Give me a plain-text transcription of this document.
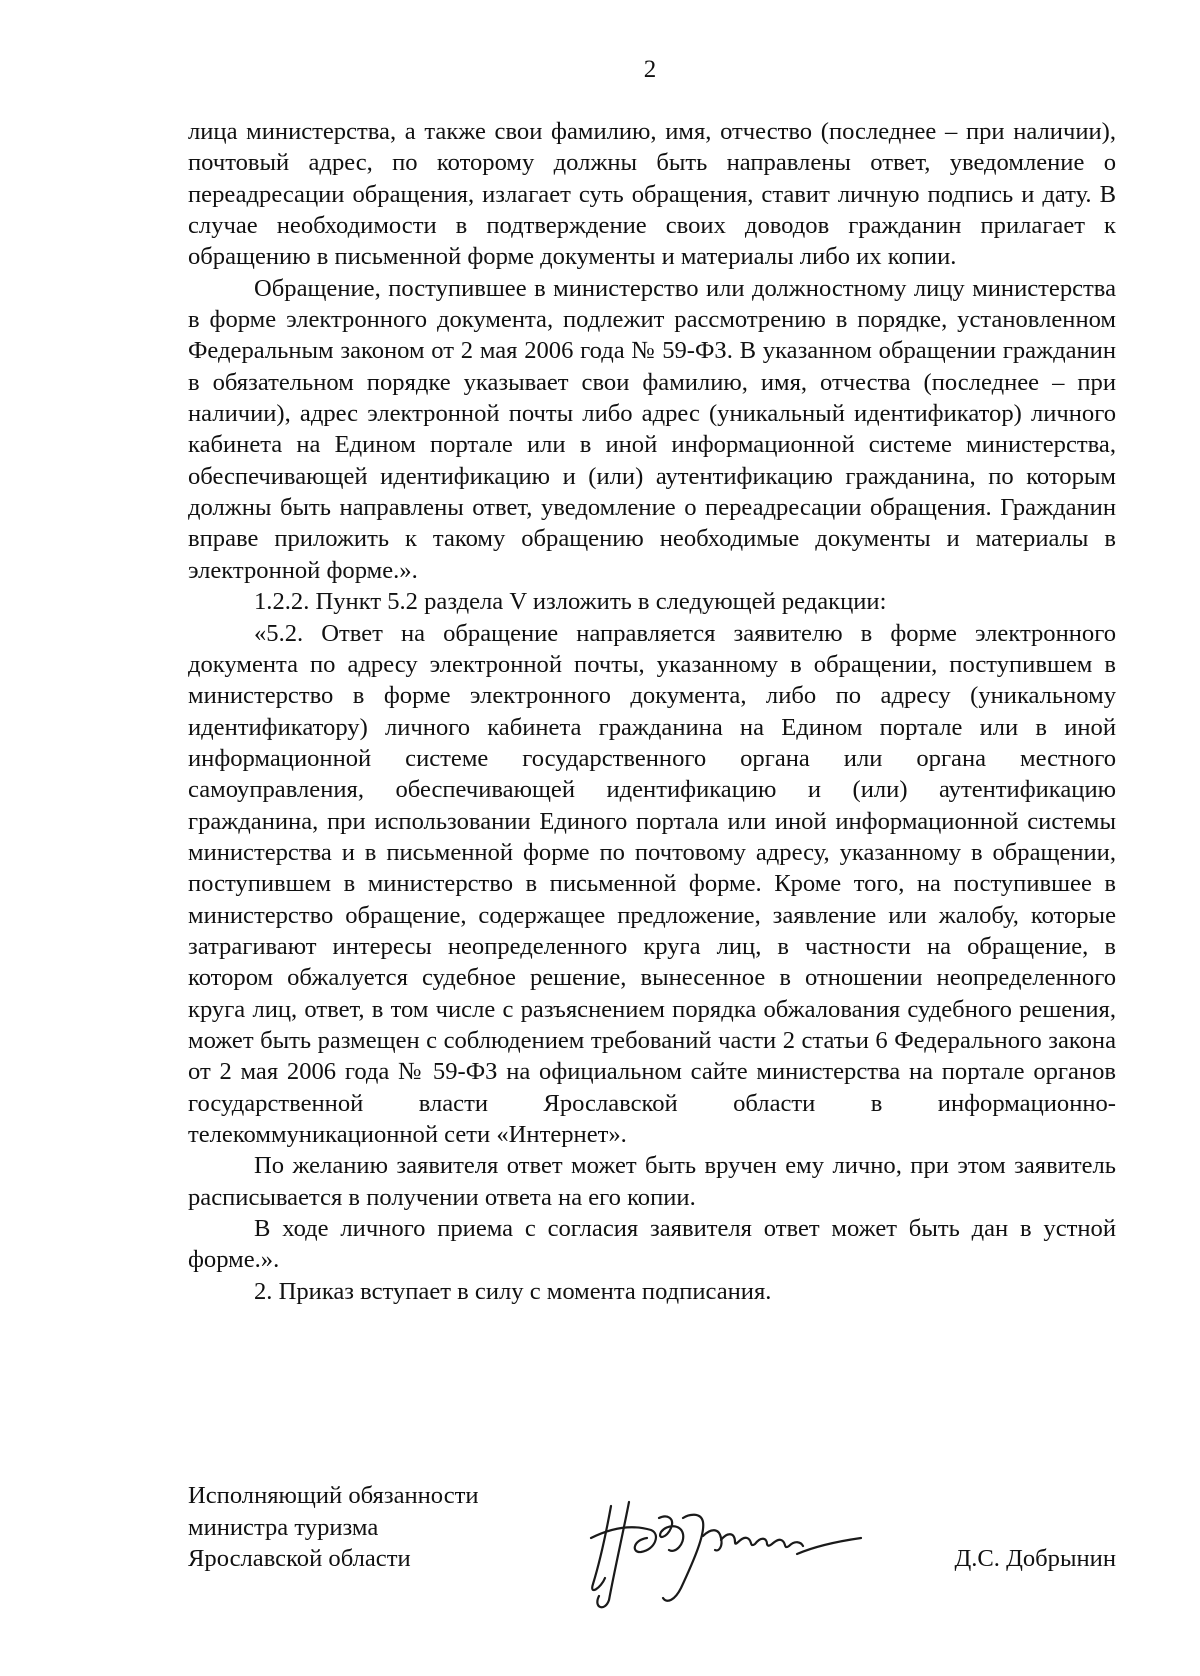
2

лица министерства, а также свои фамилию, имя, отчество (последнее – при наличии), почтовый адрес, по которому должны быть направлены ответ, уведомление о переадресации обращения, излагает суть обращения, ставит личную подпись и дату. В случае необходимости в подтверждение своих доводов гражданин прилагает к обращению в письменной форме документы и материалы либо их копии.

Обращение, поступившее в министерство или должностному лицу министерства в форме электронного документа, подлежит рассмотрению в порядке, установленном Федеральным законом от 2 мая 2006 года № 59-ФЗ. В указанном обращении гражданин в обязательном порядке указывает свои фамилию, имя, отчества (последнее – при наличии), адрес электронной почты либо адрес (уникальный идентификатор) личного кабинета на Едином портале или в иной информационной системе министерства, обеспечивающей идентификацию и (или) аутентификацию гражданина, по которым должны быть направлены ответ, уведомление о переадресации обращения. Гражданин вправе приложить к такому обращению необходимые документы и материалы в электронной форме.».

1.2.2. Пункт 5.2 раздела V изложить в следующей редакции:

«5.2. Ответ на обращение направляется заявителю в форме электронного документа по адресу электронной почты, указанному в обращении, поступившем в министерство в форме электронного документа, либо по адресу (уникальному идентификатору) личного кабинета гражданина на Едином портале или в иной информационной системе государственного органа или органа местного самоуправления, обеспечивающей идентификацию и (или) аутентификацию гражданина, при использовании Единого портала или иной информационной системы министерства и в письменной форме по почтовому адресу, указанному в обращении, поступившем в министерство в письменной форме. Кроме того, на поступившее в министерство обращение, содержащее предложение, заявление или жалобу, которые затрагивают интересы неопределенного круга лиц, в частности на обращение, в котором обжалуется судебное решение, вынесенное в отношении неопределенного круга лиц, ответ, в том числе с разъяснением порядка обжалования судебного решения, может быть размещен с соблюдением требований части 2 статьи 6 Федерального закона от 2 мая 2006 года № 59-ФЗ на официальном сайте министерства на портале органов государственной власти Ярославской области в информационно-телекоммуникационной сети «Интернет».

По желанию заявителя ответ может быть вручен ему лично, при этом заявитель расписывается в получении ответа на его копии.

В ходе личного приема с согласия заявителя ответ может быть дан в устной форме.».

2. Приказ вступает в силу с момента подписания.

Исполняющий обязанности
министра туризма
Ярославской области	Д.С. Добрынин
